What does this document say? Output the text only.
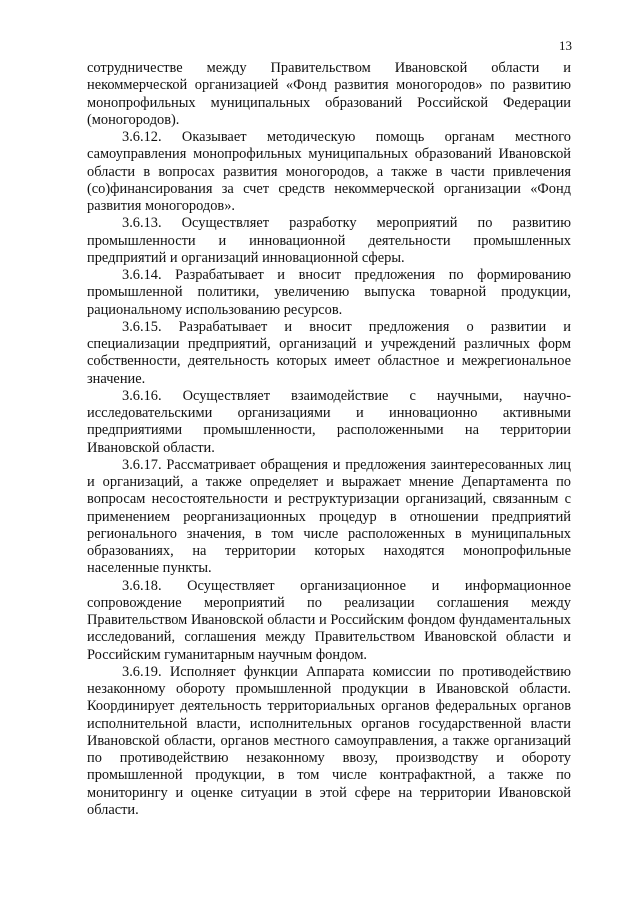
13

сотрудничестве между Правительством Ивановской области и некоммерческой организацией «Фонд развития моногородов» по развитию монопрофильных муниципальных образований Российской Федерации (моногородов).

3.6.12. Оказывает методическую помощь органам местного самоуправления монопрофильных муниципальных образований Ивановской области в вопросах развития моногородов, а также в части привлечения (со)финансирования за счет средств некоммерческой организации «Фонд развития моногородов».

3.6.13. Осуществляет разработку мероприятий по развитию промышленности и инновационной деятельности промышленных предприятий и организаций инновационной сферы.

3.6.14. Разрабатывает и вносит предложения по формированию промышленной политики, увеличению выпуска товарной продукции, рациональному использованию ресурсов.

3.6.15. Разрабатывает и вносит предложения о развитии и специализации предприятий, организаций и учреждений различных форм собственности, деятельность которых имеет областное и межрегиональное значение.

3.6.16. Осуществляет взаимодействие с научными, научно-исследовательскими организациями и инновационно активными предприятиями промышленности, расположенными на территории Ивановской области.

3.6.17. Рассматривает обращения и предложения заинтересованных лиц и организаций, а также определяет и выражает мнение Департамента по вопросам несостоятельности и реструктуризации организаций, связанным с применением реорганизационных процедур в отношении предприятий регионального значения, в том числе расположенных в муниципальных образованиях, на территории которых находятся монопрофильные населенные пункты.

3.6.18. Осуществляет организационное и информационное сопровождение мероприятий по реализации соглашения между Правительством Ивановской области и Российским фондом фундаментальных исследований, соглашения между Правительством Ивановской области и Российским гуманитарным научным фондом.

3.6.19. Исполняет функции Аппарата комиссии по противодействию незаконному обороту промышленной продукции в Ивановской области. Координирует деятельность территориальных органов федеральных органов исполнительной власти, исполнительных органов государственной власти Ивановской области, органов местного самоуправления, а также организаций по противодействию незаконному ввозу, производству и обороту промышленной продукции, в том числе контрафактной, а также по мониторингу и оценке ситуации в этой сфере на территории Ивановской области.
